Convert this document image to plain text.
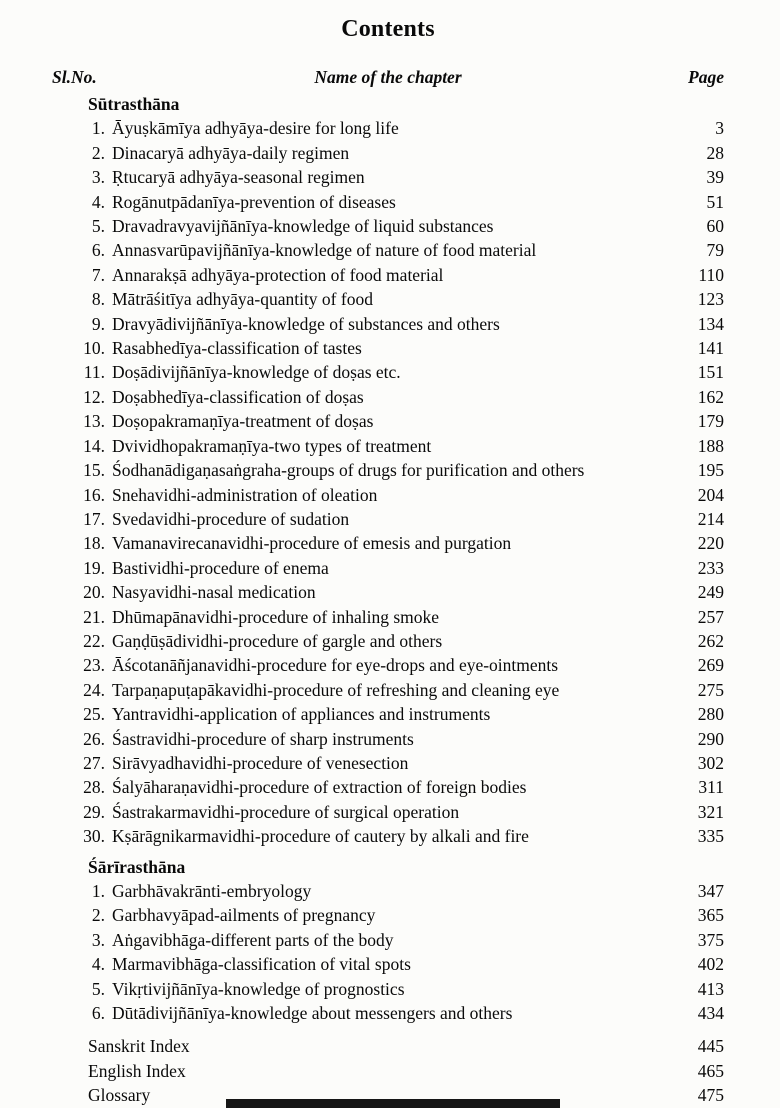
Contents
Sl.No.	Name of the chapter	Page
Sūtrasthāna
1. Āyuṣkāmīya adhyāya-desire for long life	3
2. Dinacaryā adhyāya-daily regimen	28
3. Ṛtucaryā adhyāya-seasonal regimen	39
4. Rogānutpādanīya-prevention of diseases	51
5. Dravadravyavijñānīya-knowledge of liquid substances	60
6. Annasvarūpavijñānīya-knowledge of nature of food material	79
7. Annarakṣā adhyāya-protection of food material	110
8. Mātrāśitīya adhyāya-quantity of food	123
9. Dravyādivijñānīya-knowledge of substances and others	134
10. Rasabhedīya-classification of tastes	141
11. Doṣādivijñānīya-knowledge of doṣas etc.	151
12. Doṣabhedīya-classification of doṣas	162
13. Doṣopakramaṇīya-treatment of doṣas	179
14. Dvividhopakramaṇīya-two types of treatment	188
15. Śodhanādigaṇasaṅgraha-groups of drugs for purification and others	195
16. Snehavidhi-administration of oleation	204
17. Svedavidhi-procedure of sudation	214
18. Vamanavirecanavidhi-procedure of emesis and purgation	220
19. Bastividhi-procedure of enema	233
20. Nasyavidhi-nasal medication	249
21. Dhūmapānavidhi-procedure of inhaling smoke	257
22. Gaṇḍūṣādividhi-procedure of gargle and others	262
23. Āścotanāñjanavidhi-procedure for eye-drops and eye-ointments	269
24. Tarpaṇapuṭapākavidhi-procedure of refreshing and cleaning eye	275
25. Yantravidhi-application of appliances and instruments	280
26. Śastravidhi-procedure of sharp instruments	290
27. Sirāvyadhavidhi-procedure of venesection	302
28. Śalyāharaṇavidhi-procedure of extraction of foreign bodies	311
29. Śastrakarmavidhi-procedure of surgical operation	321
30. Kṣārāgnikarmavidhi-procedure of cautery by alkali and fire	335
Śārīrasthāna
1. Garbhāvakrānti-embryology	347
2. Garbhavyāpad-ailments of pregnancy	365
3. Aṅgavibhāga-different parts of the body	375
4. Marmavibhāga-classification of vital spots	402
5. Vikṛtivijñānīya-knowledge of prognostics	413
6. Dūtādivijñānīya-knowledge about messengers and others	434
Sanskrit Index	445
English Index	465
Glossary	475
